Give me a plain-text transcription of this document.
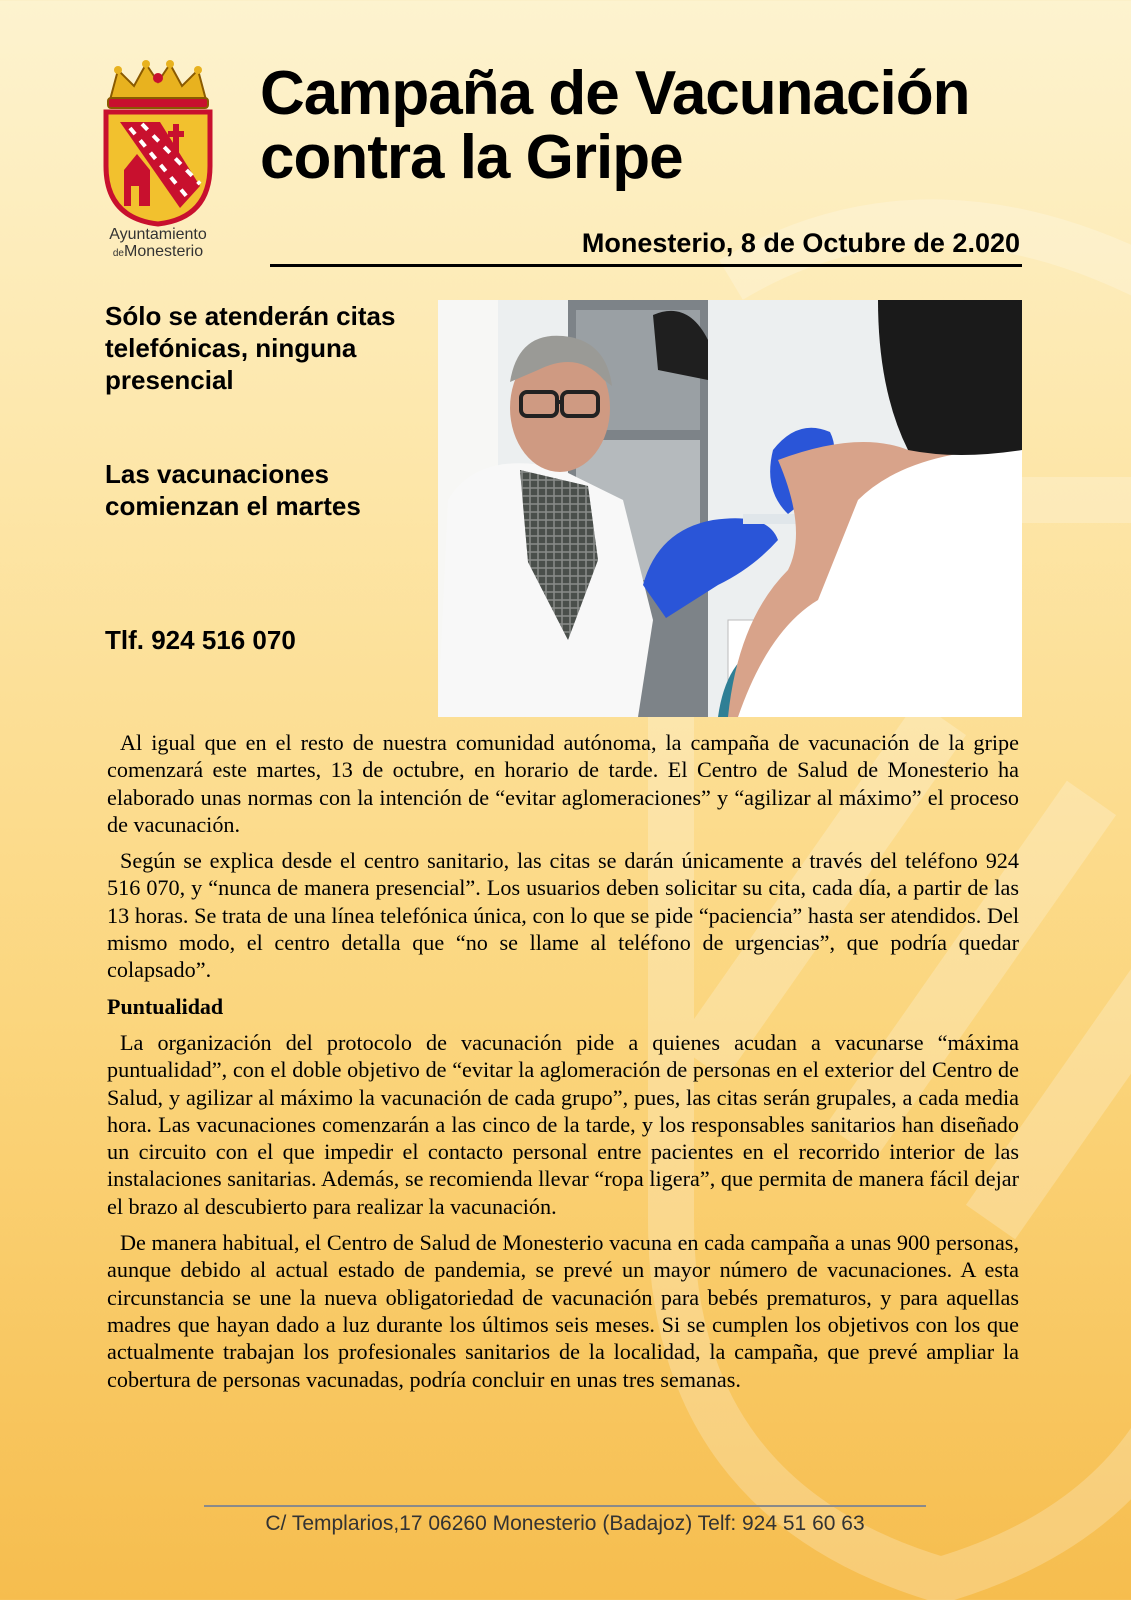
Ayuntamiento
deMonesterio
Campaña de Vacunación
contra la Gripe
Monesterio, 8 de Octubre de 2.020

Sólo se atenderán citas telefónicas, ninguna presencial

Las vacunaciones comienzan el martes

Tlf. 924 516 070

Al igual que en el resto de nuestra comunidad autónoma, la campaña de vacunación de la gripe comenzará este martes, 13 de octubre, en horario de tarde. El Centro de Salud de Monesterio ha elaborado unas normas con la intención de “evitar aglomeraciones” y “agilizar al máximo” el proceso de vacunación.

Según se explica desde el centro sanitario, las citas se darán únicamente a través del teléfono 924 516 070, y “nunca de manera presencial”. Los usuarios deben solicitar su cita, cada día, a partir de las 13 horas. Se trata de una línea telefónica única, con lo que se pide “paciencia” hasta ser atendidos. Del mismo modo, el centro detalla que “no se llame al teléfono de urgencias”, que podría quedar colapsado”.

Puntualidad

La organización del protocolo de vacunación pide a quienes acudan a vacunarse “máxima puntualidad”, con el doble objetivo de “evitar la aglomeración de personas en el exterior del Centro de Salud, y agilizar al máximo la vacunación de cada grupo”, pues, las citas serán grupales, a cada media hora. Las vacunaciones comenzarán a las cinco de la tarde, y los responsables sanitarios han diseñado un circuito con el que impedir el contacto personal entre pacientes en el recorrido interior de las instalaciones sanitarias. Además, se recomienda llevar “ropa ligera”, que permita de manera fácil dejar el brazo al descubierto para realizar la vacunación.

De manera habitual, el Centro de Salud de Monesterio vacuna en cada campaña a unas 900 personas, aunque debido al actual estado de pandemia, se prevé un mayor número de vacunaciones. A esta circunstancia se une la nueva obligatoriedad de vacunación para bebés prematuros, y para aquellas madres que hayan dado a luz durante los últimos seis meses. Si se cumplen los objetivos con los que actualmente trabajan los profesionales sanitarios de la localidad, la campaña, que prevé ampliar la cobertura de personas vacunadas, podría concluir en unas tres semanas.

C/ Templarios,17 06260 Monesterio (Badajoz) Telf: 924 51 60 63
